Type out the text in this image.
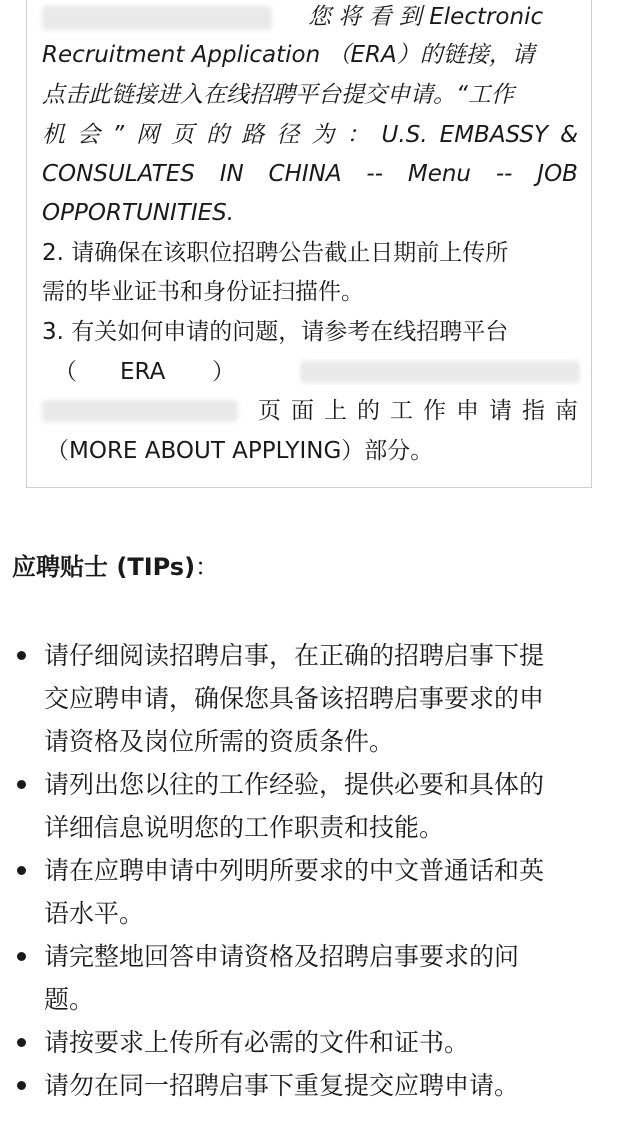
您 将 看 到 Electronic
Recruitment Application （ERA）的链接，请
点击此链接进入在线招聘平台提交申请。“工作
机 会 ” 网 页 的 路 径 为 ： U.S. EMBASSY &
CONSULATES IN CHINA -- Menu -- JOB
OPPORTUNITIES.
2. 请确保在该职位招聘公告截止日期前上传所
需的毕业证书和身份证扫描件。
3. 有关如何申请的问题，请参考在线招聘平台
（ ERA ）
页 面 上 的 工 作 申 请 指 南
（MORE ABOUT APPLYING）部分。
应聘贴士 (TIPs)：
请仔细阅读招聘启事，在正确的招聘启事下提
交应聘申请，确保您具备该招聘启事要求的申
请资格及岗位所需的资质条件。
请列出您以往的工作经验，提供必要和具体的
详细信息说明您的工作职责和技能。
请在应聘申请中列明所要求的中文普通话和英
语水平。
请完整地回答申请资格及招聘启事要求的问
题。
请按要求上传所有必需的文件和证书。
请勿在同一招聘启事下重复提交应聘申请。
